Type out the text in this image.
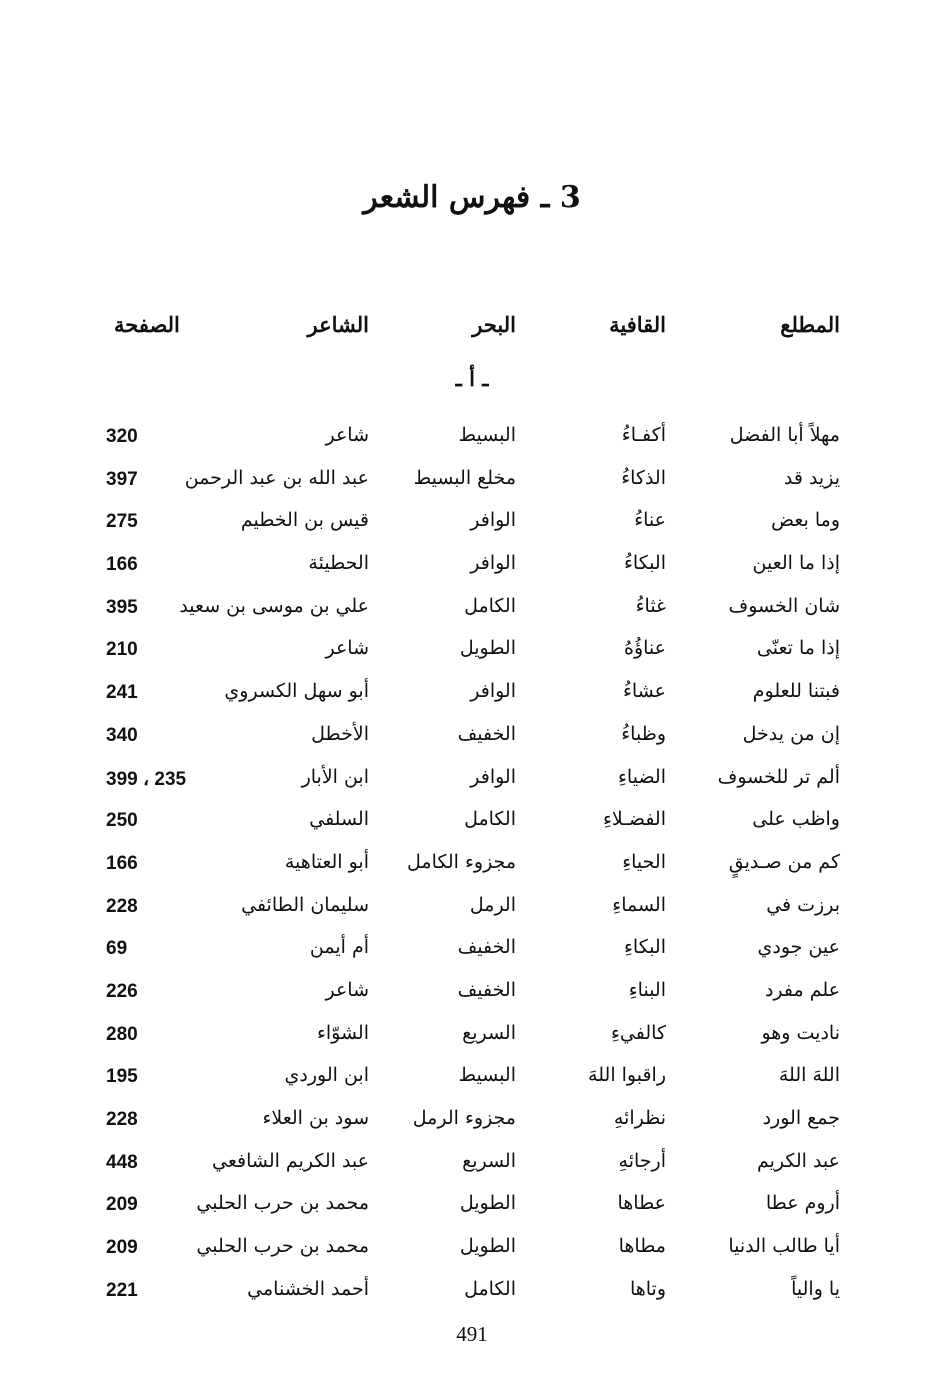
3 ـ فهرس الشعر
المطلع
القافية
البحر
الشاعر
الصفحة
ـ أ ـ
مهلاً أبا الفضل
أكفـاءُ
البسيط
شاعر
320
يزيد قد
الذكاءُ
مخلع البسيط
عبد الله بن عبد الرحمن
397
وما بعض
عناءُ
الوافر
قيس بن الخطيم
275
إذا ما العين
البكاءُ
الوافر
الحطيئة
166
شان الخسوف
غثاءُ
الكامل
علي بن موسى بن سعيد
395
إذا ما تعنّى
عناؤُهُ
الطويل
شاعر
210
فبتنا للعلوم
عشاءُ
الوافر
أبو سهل الكسروي
241
إن من يدخل
وظباءُ
الخفيف
الأخطل
340
ألم تر للخسوف
الضياءِ
الوافر
ابن الأبار
399 ، 235
واظب على
الفضـلاءِ
الكامل
السلفي
250
كم من صـديقٍ
الحياءِ
مجزوء الكامل
أبو العتاهية
166
برزت في
السماءِ
الرمل
سليمان الطائفي
228
عين جودي
البكاءِ
الخفيف
أم أيمن
69
علم مفرد
البناءِ
الخفيف
شاعر
226
ناديت وهو
كالفيءِ
السريع
الشوّاء
280
اللهَ اللهَ
راقبوا اللهَ
البسيط
ابن الوردي
195
جمع الورد
نظرائهِ
مجزوء الرمل
سود بن العلاء
228
عبد الكريم
أرجائهِ
السريع
عبد الكريم الشافعي
448
أروم عطا
عطاها
الطويل
محمد بن حرب الحلبي
209
أيا طالب الدنيا
مطاها
الطويل
محمد بن حرب الحلبي
209
يا والياً
وتاها
الكامل
أحمد الخشنامي
221
491
